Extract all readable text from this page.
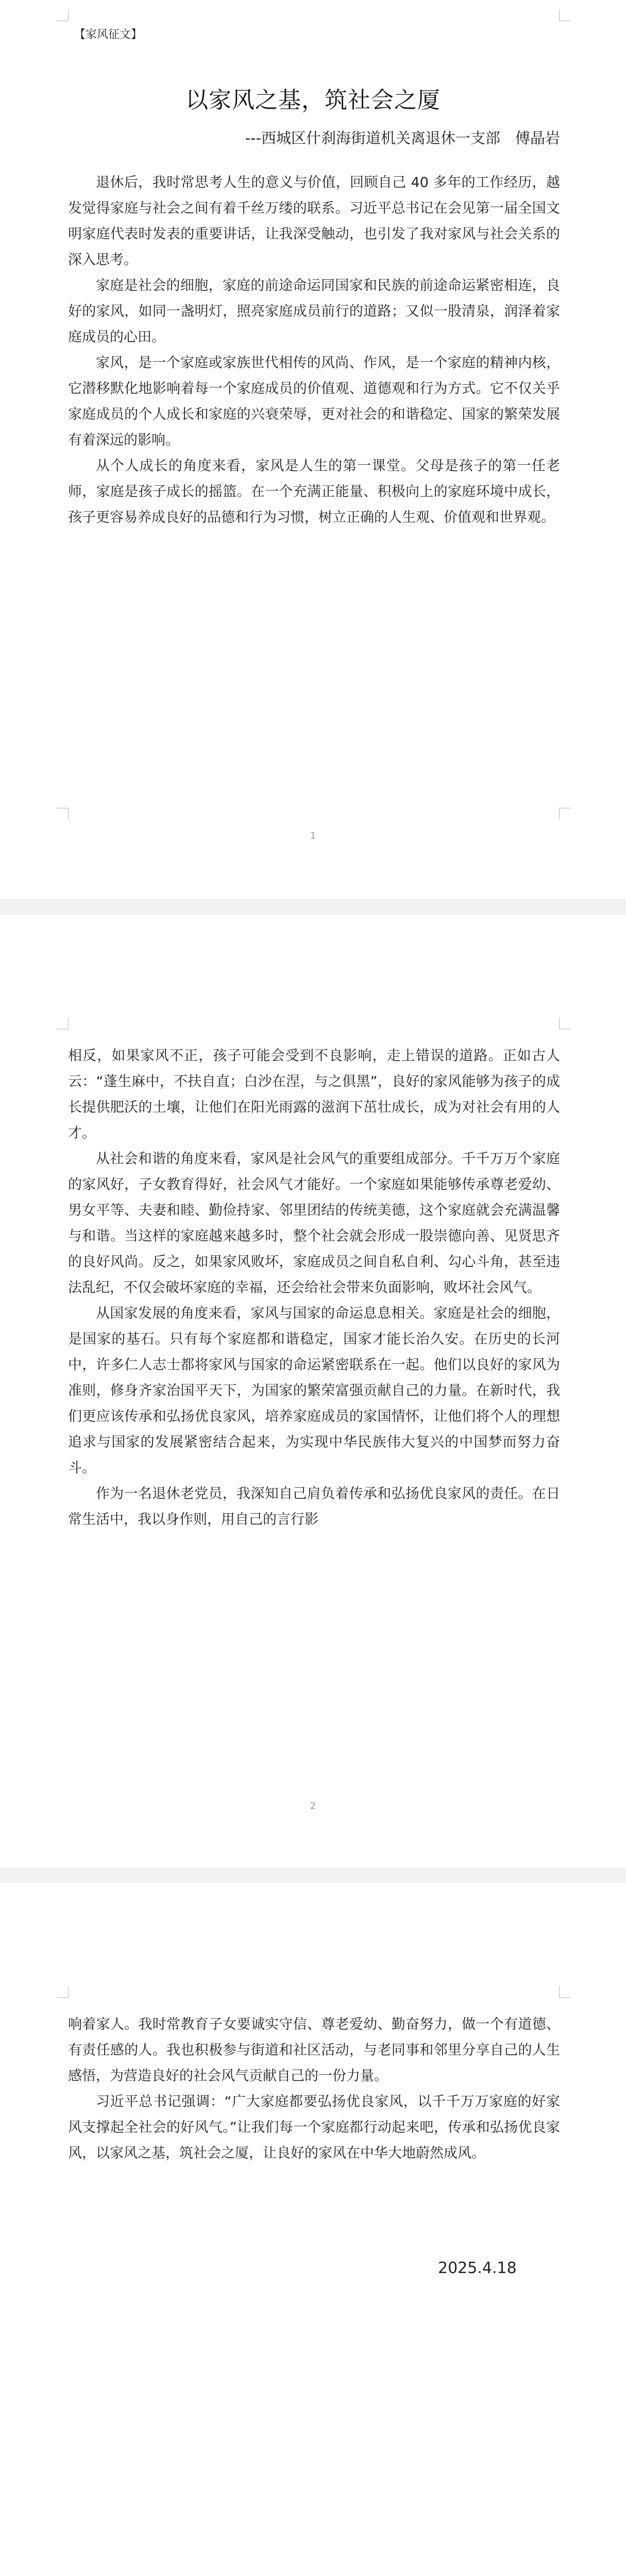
【家风征文】
以家风之基，筑社会之厦
---西城区什刹海街道机关离退休一支部　傅晶岩

退休后，我时常思考人生的意义与价值，回顾自己 40 多年的工作经历，越发觉得家庭与社会之间有着千丝万缕的联系。习近平总书记在会见第一届全国文明家庭代表时发表的重要讲话，让我深受触动，也引发了我对家风与社会关系的深入思考。

家庭是社会的细胞，家庭的前途命运同国家和民族的前途命运紧密相连，良好的家风，如同一盏明灯，照亮家庭成员前行的道路；又似一股清泉，润泽着家庭成员的心田。

家风，是一个家庭或家族世代相传的风尚、作风，是一个家庭的精神内核，它潜移默化地影响着每一个家庭成员的价值观、道德观和行为方式。它不仅关乎家庭成员的个人成长和家庭的兴衰荣辱，更对社会的和谐稳定、国家的繁荣发展有着深远的影响。

从个人成长的角度来看，家风是人生的第一课堂。父母是孩子的第一任老师，家庭是孩子成长的摇篮。在一个充满正能量、积极向上的家庭环境中成长，孩子更容易养成良好的品德和行为习惯，树立正确的人生观、价值观和世界观。

1

相反，如果家风不正，孩子可能会受到不良影响，走上错误的道路。正如古人云：“蓬生麻中，不扶自直；白沙在涅，与之俱黑”，良好的家风能够为孩子的成长提供肥沃的土壤，让他们在阳光雨露的滋润下茁壮成长，成为对社会有用的人才。

从社会和谐的角度来看，家风是社会风气的重要组成部分。千千万万个家庭的家风好，子女教育得好，社会风气才能好。一个家庭如果能够传承尊老爱幼、男女平等、夫妻和睦、勤俭持家、邻里团结的传统美德，这个家庭就会充满温馨与和谐。当这样的家庭越来越多时，整个社会就会形成一股崇德向善、见贤思齐的良好风尚。反之，如果家风败坏，家庭成员之间自私自利、勾心斗角，甚至违法乱纪，不仅会破坏家庭的幸福，还会给社会带来负面影响，败坏社会风气。

从国家发展的角度来看，家风与国家的命运息息相关。家庭是社会的细胞，是国家的基石。只有每个家庭都和谐稳定，国家才能长治久安。在历史的长河中，许多仁人志士都将家风与国家的命运紧密联系在一起。他们以良好的家风为准则，修身齐家治国平天下，为国家的繁荣富强贡献自己的力量。在新时代，我们更应该传承和弘扬优良家风，培养家庭成员的家国情怀，让他们将个人的理想追求与国家的发展紧密结合起来，为实现中华民族伟大复兴的中国梦而努力奋斗。

作为一名退休老党员，我深知自己肩负着传承和弘扬优良家风的责任。在日常生活中，我以身作则，用自己的言行影

2

响着家人。我时常教育子女要诚实守信、尊老爱幼、勤奋努力，做一个有道德、有责任感的人。我也积极参与街道和社区活动，与老同事和邻里分享自己的人生感悟，为营造良好的社会风气贡献自己的一份力量。

习近平总书记强调：“广大家庭都要弘扬优良家风，以千千万万家庭的好家风支撑起全社会的好风气。”让我们每一个家庭都行动起来吧，传承和弘扬优良家风，以家风之基，筑社会之厦，让良好的家风在中华大地蔚然成风。

2025.4.18
